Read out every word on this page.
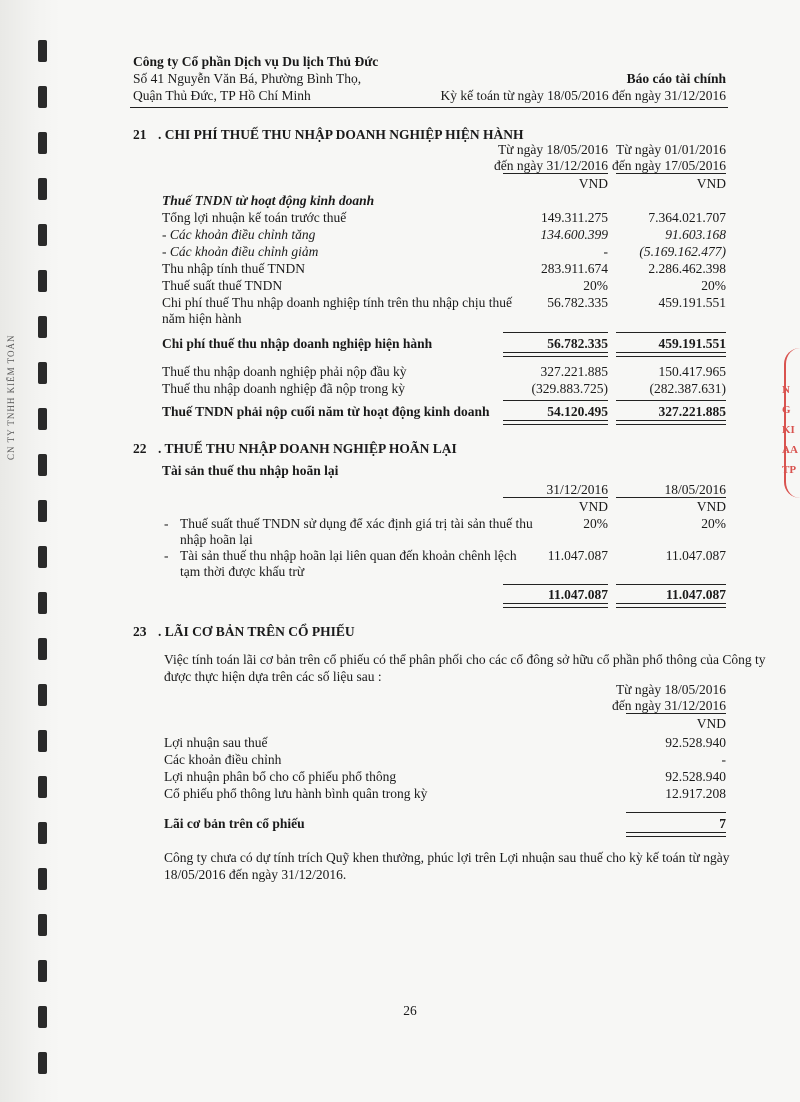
CN TY TNHH KIỂM TOÁN	N G KI AA TP
Công ty Cổ phần Dịch vụ Du lịch Thủ Đức
Số 41 Nguyễn Văn Bá, Phường Bình Thọ,
Quận Thủ Đức, TP Hồ Chí Minh
Báo cáo tài chính
Kỳ kế toán từ ngày 18/05/2016 đến ngày 31/12/2016
21 . CHI PHÍ THUẾ THU NHẬP DOANH NGHIỆP HIỆN HÀNH
Từ ngày 18/05/2016
đến ngày 31/12/2016
Từ ngày 01/01/2016
đến ngày 17/05/2016
VND	VND
Thuế TNDN từ hoạt động kinh doanh
Tổng lợi nhuận kế toán trước thuế	149.311.275	7.364.021.707
- Các khoản điều chỉnh tăng	134.600.399	91.603.168
- Các khoản điều chỉnh giảm	-	(5.169.162.477)
Thu nhập tính thuế TNDN	283.911.674	2.286.462.398
Thuế suất thuế TNDN	20%	20%
Chi phí thuế Thu nhập doanh nghiệp tính trên thu nhập chịu thuế
năm hiện hành
56.782.335	459.191.551
Chi phí thuế thu nhập doanh nghiệp hiện hành	56.782.335	459.191.551
Thuế thu nhập doanh nghiệp phải nộp đầu kỳ	327.221.885	150.417.965
Thuế thu nhập doanh nghiệp đã nộp trong kỳ	(329.883.725)	(282.387.631)
Thuế TNDN phải nộp cuối năm từ hoạt động kinh doanh	54.120.495	327.221.885
22 . THUẾ THU NHẬP DOANH NGHIỆP HOÃN LẠI
Tài sản thuế thu nhập hoãn lại
31/12/2016	18/05/2016
VND	VND
- Thuế suất thuế TNDN sử dụng để xác định giá trị tài sản thuế thu
nhập hoãn lại
20%	20%
- Tài sản thuế thu nhập hoãn lại liên quan đến khoản chênh lệch
tạm thời được khấu trừ
11.047.087	11.047.087
11.047.087	11.047.087
23 . LÃI CƠ BẢN TRÊN CỔ PHIẾU
Việc tính toán lãi cơ bản trên cổ phiếu có thể phân phối cho các cổ đông sở hữu cổ phần phổ thông của Công ty
được thực hiện dựa trên các số liệu sau :
Từ ngày 18/05/2016
đến ngày 31/12/2016
VND
Lợi nhuận sau thuế	92.528.940
Các khoản điều chỉnh	-
Lợi nhuận phân bổ cho cổ phiếu phổ thông	92.528.940
Cổ phiếu phổ thông lưu hành bình quân trong kỳ	12.917.208
Lãi cơ bản trên cổ phiếu	7
Công ty chưa có dự tính trích Quỹ khen thưởng, phúc lợi trên Lợi nhuận sau thuế cho kỳ kế toán từ ngày
18/05/2016 đến ngày 31/12/2016.
26
